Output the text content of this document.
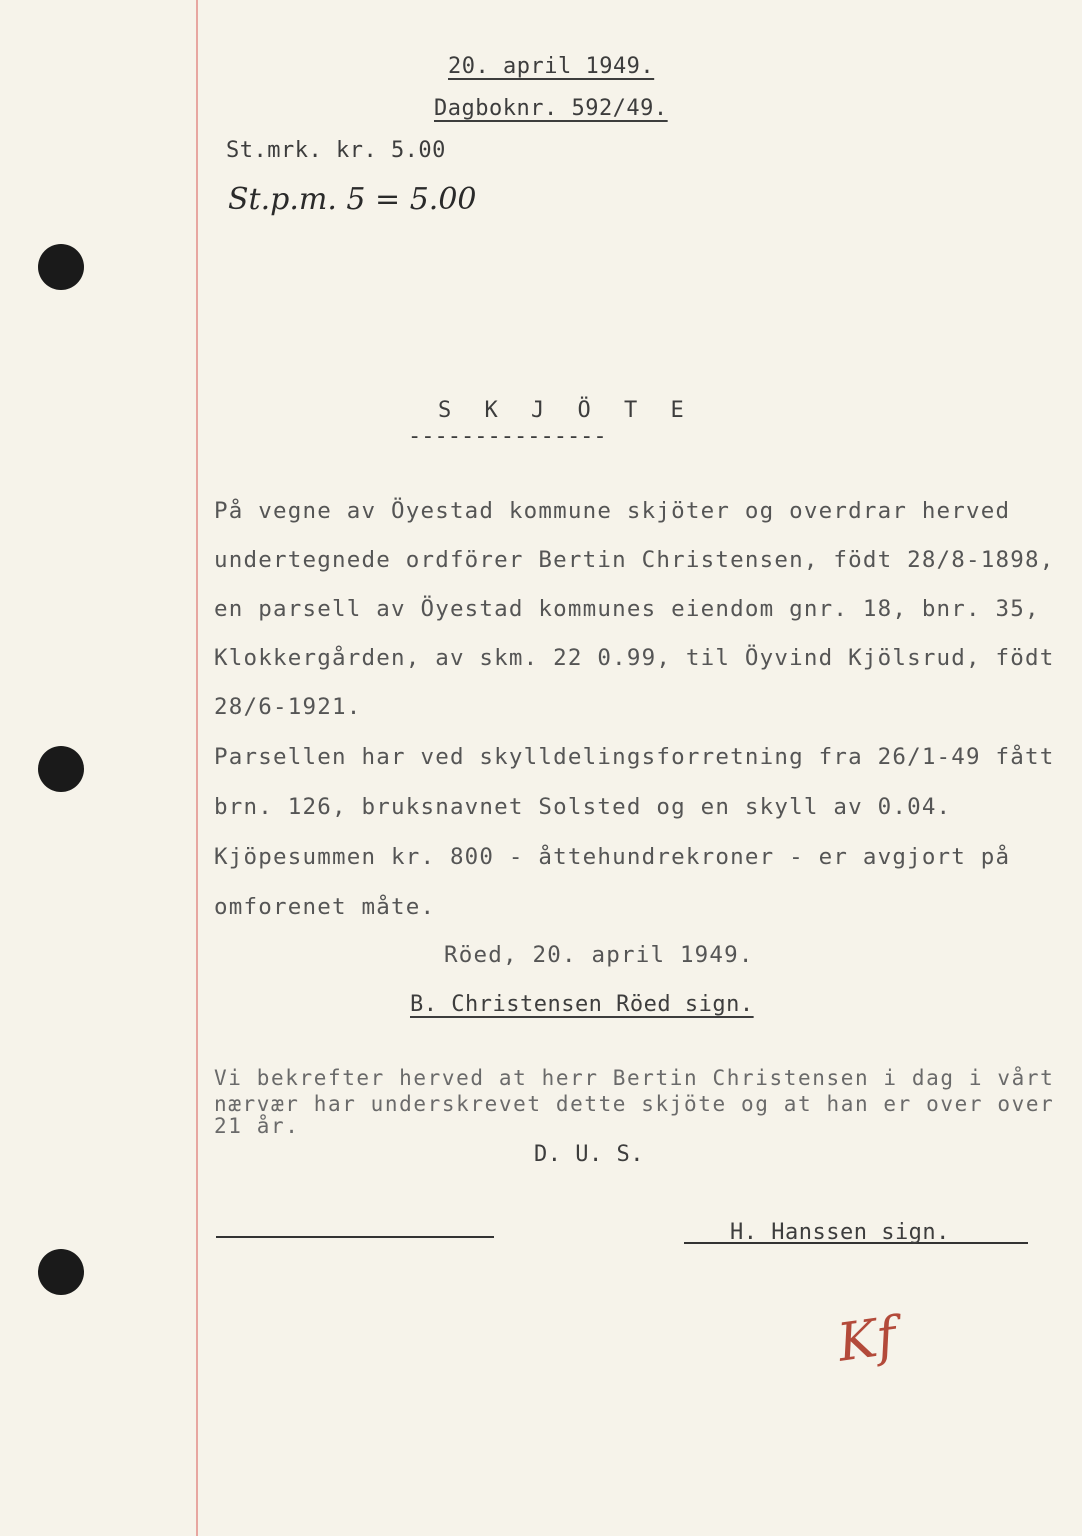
20. april 1949.
Dagboknr. 592/49.
St.mrk. kr. 5.00
St.p.m. 5 = 5.00
S K J Ö T E
---------------
På vegne av Öyestad kommune skjöter og overdrar herved
undertegnede ordförer Bertin Christensen, födt 28/8-1898,
en parsell av Öyestad kommunes eiendom gnr. 18, bnr. 35,
Klokkergården, av skm. 22 0.99, til Öyvind Kjölsrud, födt
28/6-1921.
Parsellen har ved skylldelingsforretning fra 26/1-49 fått
brn. 126, bruksnavnet Solsted og en skyll av 0.04.
Kjöpesummen kr. 800 - åttehundrekroner - er avgjort på
omforenet måte.
Röed, 20. april 1949.
B. Christensen Röed sign.
Vi bekrefter herved at herr Bertin Christensen i dag i vårt
nærvær har underskrevet dette skjöte og at han er over over
21 år.
D. U. S.
H. Hanssen sign.
Kf
